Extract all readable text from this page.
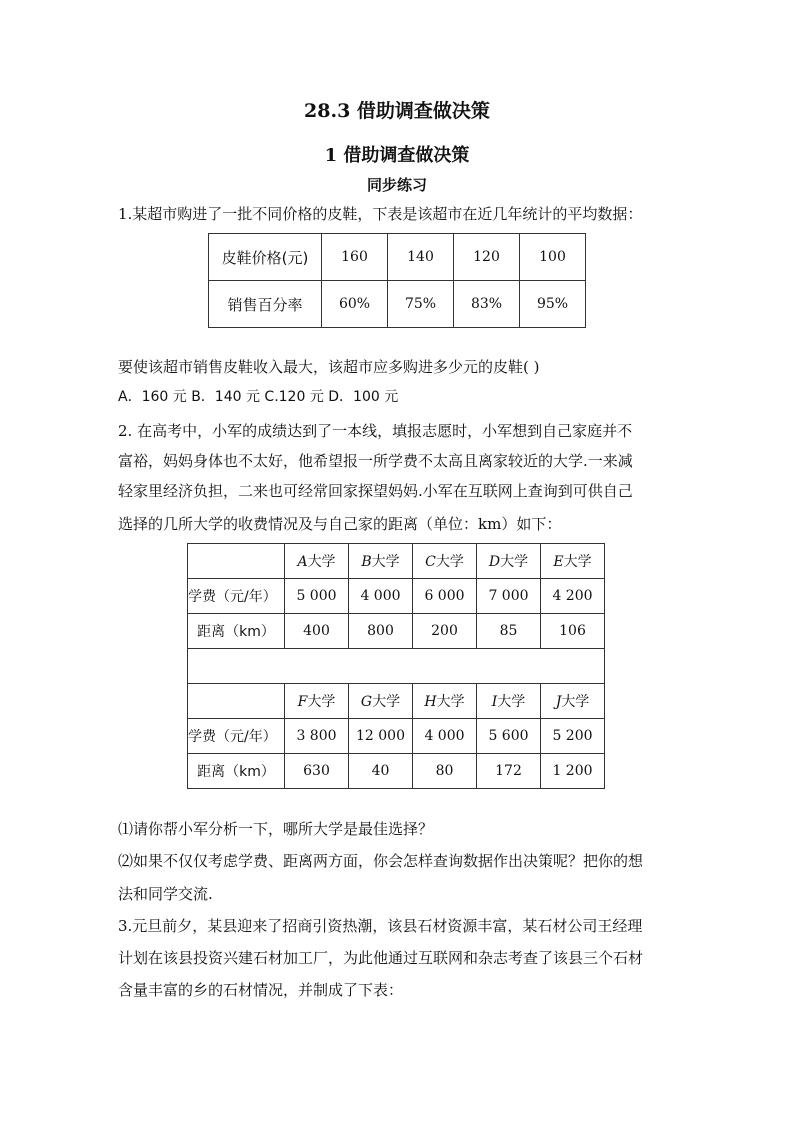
28.3 借助调查做决策
1 借助调查做决策
同步练习
1.某超市购进了一批不同价格的皮鞋，下表是该超市在近几年统计的平均数据：
皮鞋价格(元)	160	140	120	100
销售百分率	60%	75%	83%	95%
要使该超市销售皮鞋收入最大，该超市应多购进多少元的皮鞋( )
A．160 元 B．140 元 C.120 元 D．100 元
2. 在高考中，小军的成绩达到了一本线，填报志愿时，小军想到自己家庭并不
富裕，妈妈身体也不太好，他希望报一所学费不太高且离家较近的大学.一来减
轻家里经济负担，二来也可经常回家探望妈妈.小军在互联网上查询到可供自己
选择的几所大学的收费情况及与自己家的距离（单位：km）如下：
	A大学	B大学	C大学	D大学	E大学
学费（元/年）	5 000	4 000	6 000	7 000	4 200
距离（km）	400	800	200	85	106

	F大学	G大学	H大学	I大学	J大学
学费（元/年）	3 800	12 000	4 000	5 600	5 200
距离（km）	630	40	80	172	1 200
⑴请你帮小军分析一下，哪所大学是最佳选择？
⑵如果不仅仅考虑学费、距离两方面，你会怎样查询数据作出决策呢？把你的想
法和同学交流.
3.元旦前夕，某县迎来了招商引资热潮，该县石材资源丰富，某石材公司王经理
计划在该县投资兴建石材加工厂，为此他通过互联网和杂志考查了该县三个石材
含量丰富的乡的石材情况，并制成了下表：
